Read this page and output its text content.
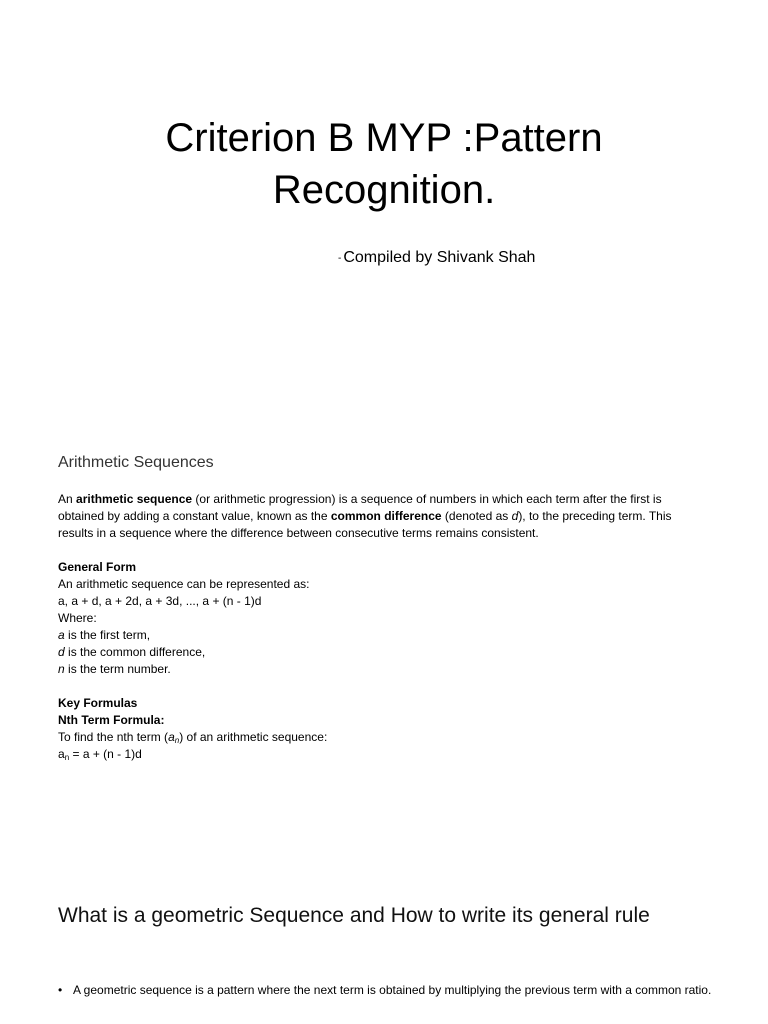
Criterion B MYP :Pattern
Recognition.
- Compiled by Shivank Shah
Arithmetic Sequences

An arithmetic sequence (or arithmetic progression) is a sequence of numbers in which each term after the first is obtained by adding a constant value, known as the common difference (denoted as d), to the preceding term. This results in a sequence where the difference between consecutive terms remains consistent.

General Form

An arithmetic sequence can be represented as:

a, a + d, a + 2d, a + 3d, ..., a + (n - 1)d

Where:

a is the first term,

d is the common difference,

n is the term number.

Key Formulas

Nth Term Formula:

To find the nth term $(a_n)$ of an arithmetic sequence:

$a_n = a + (n - 1)d$

What is a geometric Sequence and How to write its general rule
• A geometric sequence is a pattern where the next term is obtained by multiplying the previous term with a common ratio.
